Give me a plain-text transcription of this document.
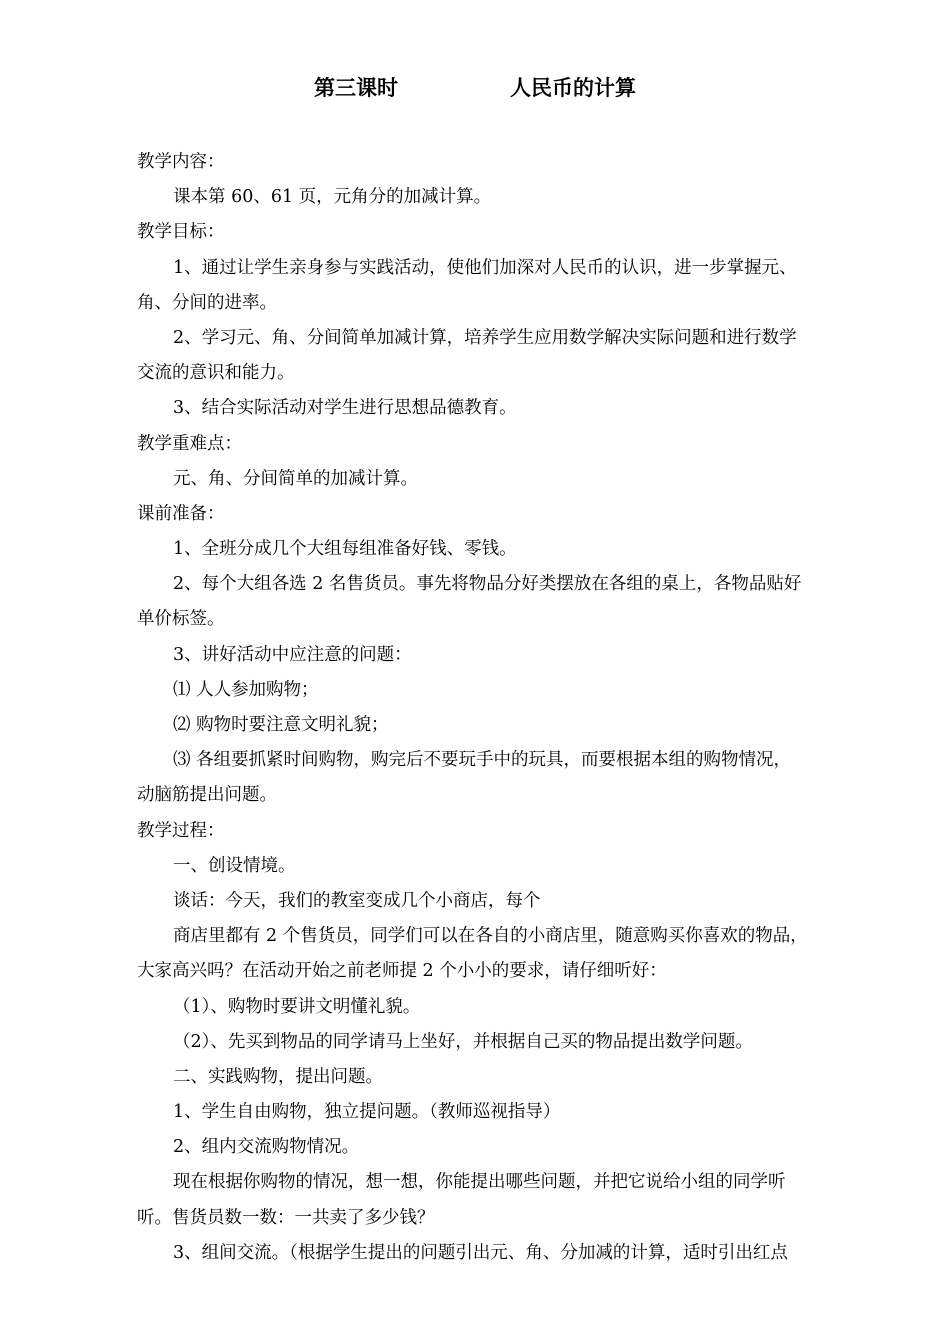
第三课时	人民币的计算
教学内容：
课本第 60、61 页，元角分的加减计算。
教学目标：
1、通过让学生亲身参与实践活动，使他们加深对人民币的认识，进一步掌握元、
角、分间的进率。
2、学习元、角、分间简单加减计算，培养学生应用数学解决实际问题和进行数学
交流的意识和能力。
3、结合实际活动对学生进行思想品德教育。
教学重难点：
元、角、分间简单的加减计算。
课前准备：
1、全班分成几个大组每组准备好钱、零钱。
2、每个大组各选 2 名售货员。事先将物品分好类摆放在各组的桌上，各物品贴好
单价标签。
3、讲好活动中应注意的问题：
⑴ 人人参加购物；
⑵ 购物时要注意文明礼貌；
⑶ 各组要抓紧时间购物，购完后不要玩手中的玩具，而要根据本组的购物情况，
动脑筋提出问题。
教学过程：
一、创设情境。
谈话：今天，我们的教室变成几个小商店，每个
商店里都有 2 个售货员，同学们可以在各自的小商店里，随意购买你喜欢的物品，
大家高兴吗？在活动开始之前老师提 2 个小小的要求，请仔细听好：
（1）、购物时要讲文明懂礼貌。
（2）、先买到物品的同学请马上坐好，并根据自己买的物品提出数学问题。
二、实践购物，提出问题。
1、学生自由购物，独立提问题。（教师巡视指导）
2、组内交流购物情况。
现在根据你购物的情况，想一想，你能提出哪些问题，并把它说给小组的同学听
听。售货员数一数：一共卖了多少钱？
3、组间交流。（根据学生提出的问题引出元、角、分加减的计算，适时引出红点
